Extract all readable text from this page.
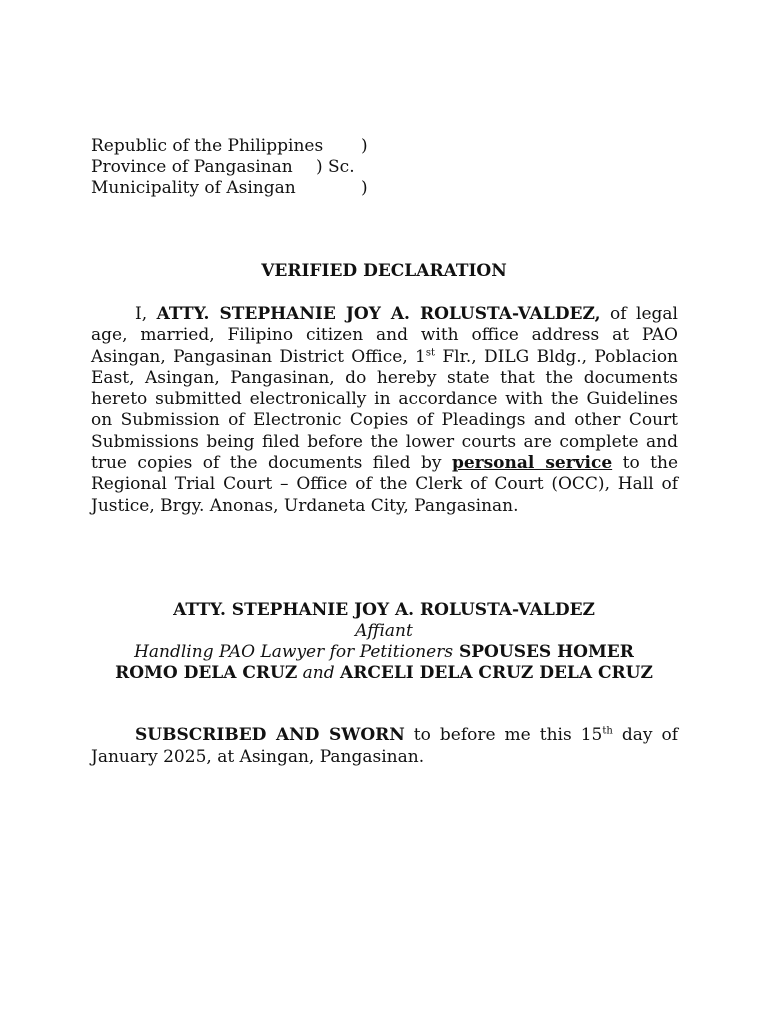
Republic of the Philippines )
Province of Pangasinan ) Sc.
Municipality of Asingan	)
VERIFIED DECLARATION

I, ATTY. STEPHANIE JOY A. ROLUSTA-VALDEZ, of legal age, married, Filipino citizen and with office address at PAO Asingan, Pangasinan District Office, 1st Flr., DILG Bldg., Poblacion East, Asingan, Pangasinan, do hereby state that the documents hereto submitted electronically in accordance with the Guidelines on Submission of Electronic Copies of Pleadings and other Court Submissions being filed before the lower courts are complete and true copies of the documents filed by personal service to the Regional Trial Court – Office of the Clerk of Court (OCC), Hall of Justice, Brgy. Anonas, Urdaneta City, Pangasinan.

ATTY. STEPHANIE JOY A. ROLUSTA-VALDEZ
Affiant
Handling PAO Lawyer for Petitioners SPOUSES HOMER
ROMO DELA CRUZ and ARCELI DELA CRUZ DELA CRUZ

SUBSCRIBED AND SWORN to before me this 15th day of January 2025, at Asingan, Pangasinan.
